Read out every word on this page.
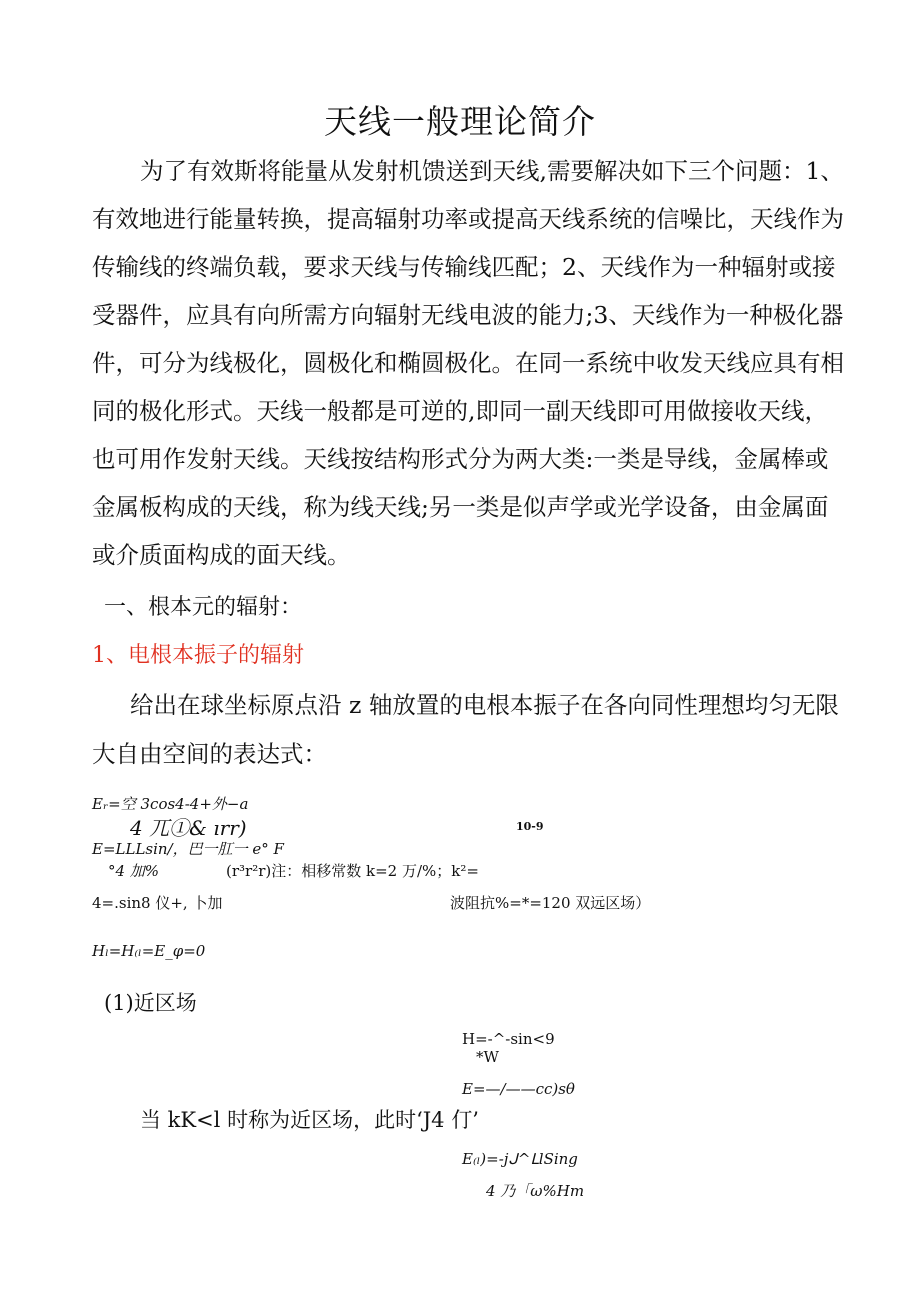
天线一般理论简介
为了有效斯将能量从发射机馈送到天线,需要解决如下三个问题：1、
有效地进行能量转换，提高辐射功率或提高天线系统的信噪比，天线作为
传输线的终端负载，要求天线与传输线匹配；2、天线作为一种辐射或接
受器件，应具有向所需方向辐射无线电波的能力;3、天线作为一种极化器
件，可分为线极化，圆极化和椭圆极化。在同一系统中收发天线应具有相
同的极化形式。天线一般都是可逆的,即同一副天线即可用做接收天线，
也可用作发射天线。天线按结构形式分为两大类:一类是导线，金属棒或
金属板构成的天线，称为线天线;另一类是似声学或光学设备，由金属面
或介质面构成的面天线。
一、根本元的辐射：
1、电根本振子的辐射
给出在球坐标原点沿 z 轴放置的电根本振子在各向同性理想均匀无限
大自由空间的表达式：
Eᵣ=空 3cos4-4+外−a
4 兀①& ırr)	10-9
E=LLLsin/，巴一肛一 e° F
°4 加%	(r³r²r)注：相移常数 k=2 万/%；k²=
4=.sin8 仪+, 卜加	波阻抗%=*=120 双远区场）
Hₗ=H₍ₗ=E_φ=0
(1)近区场
H=-^-sin<9
*W
E=—/——cc)sθ
当 kK<l 时称为近区场，此时‘J4 仃’
E₍ₗ)=-jᒍ^ᒪlSing
4 乃「ω%Hm
